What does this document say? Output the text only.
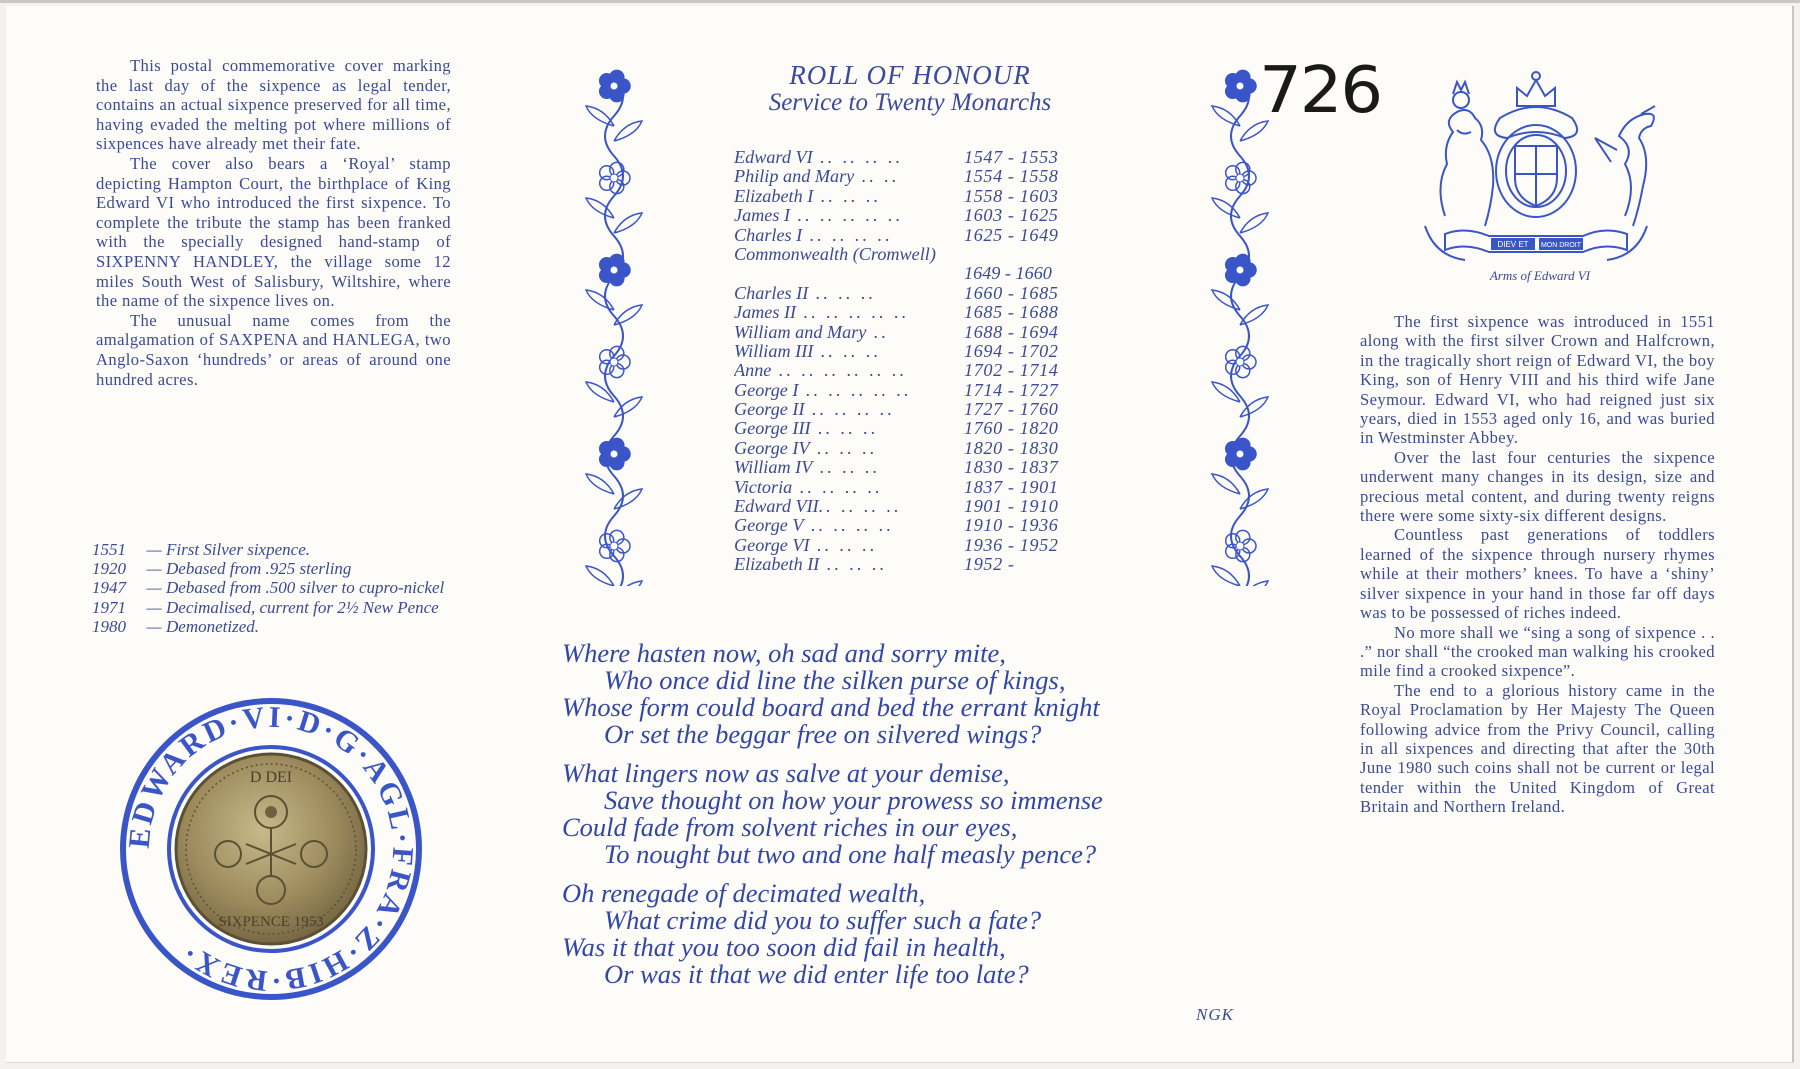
This postal commemorative cover marking the last day of the sixpence as legal tender, contains an actual sixpence preserved for all time, having evaded the melting pot where millions of sixpences have already met their fate.

The cover also bears a ‘Royal’ stamp depicting Hampton Court, the birthplace of King Edward VI who introduced the first sixpence. To complete the tribute the stamp has been franked with the specially designed hand-stamp of SIXPENNY HANDLEY, the village some 12 miles South West of Salisbury, Wiltshire, where the name of the sixpence lives on.

The unusual name comes from the amalgamation of SAXPENA and HANLEGA, two Anglo-Saxon ‘hundreds’ or areas of around one hundred acres.

1551	— First Silver sixpence.
1920	— Debased from .925 sterling
1947	— Debased from .500 silver to cupro-nickel
1971	— Decimalised, current for 2½ New Pence
1980	— Demonetized.
EDWARD·VI·D·G·AGL·FRA·Z·HIB·REX·
D DEI
SIXPENCE 1953
ROLL OF HONOUR
Service to Twenty Monarchs
Edward VI .. .. .. ..	1547 - 1553
Philip and Mary .. ..	1554 - 1558
Elizabeth I .. .. ..	1558 - 1603
James I .. .. .. .. ..	1603 - 1625
Charles I .. .. .. ..	1625 - 1649
Commonwealth (Cromwell)
1649 - 1660
Charles II .. .. ..	1660 - 1685
James II .. .. .. .. ..	1685 - 1688
William and Mary ..	1688 - 1694
William III .. .. ..	1694 - 1702
Anne .. .. .. .. .. ..	1702 - 1714
George I .. .. .. .. ..	1714 - 1727
George II .. .. .. ..	1727 - 1760
George III .. .. ..	1760 - 1820
George IV .. .. ..	1820 - 1830
William IV .. .. ..	1830 - 1837
Victoria .. .. .. ..	1837 - 1901
Edward VII.. .. .. ..	1901 - 1910
George V .. .. .. ..	1910 - 1936
George VI .. .. ..	1936 - 1952
Elizabeth II .. .. ..	1952 -
Where hasten now, oh sad and sorry mite,
Who once did line the silken purse of kings,
Whose form could board and bed the errant knight
Or set the beggar free on silvered wings?
What lingers now as salve at your demise,
Save thought on how your prowess so immense
Could fade from solvent riches in our eyes,
To nought but two and one half measly pence?
Oh renegade of decimated wealth,
What crime did you to suffer such a fate?
Was it that you too soon did fail in health,
Or was it that we did enter life too late?
NGK
726
DIEV ET MON DROIT
Arms of Edward VI

The first sixpence was introduced in 1551 along with the first silver Crown and Halfcrown, in the tragically short reign of Edward VI, the boy King, son of Henry VIII and his third wife Jane Seymour. Edward VI, who had reigned just six years, died in 1553 aged only 16, and was buried in Westminster Abbey.

Over the last four centuries the sixpence underwent many changes in its design, size and precious metal content, and during twenty reigns there were some sixty-six different designs.

Countless past generations of toddlers learned of the sixpence through nursery rhymes while at their mothers’ knees. To have a ‘shiny’ silver sixpence in your hand in those far off days was to be possessed of riches indeed.

No more shall we “sing a song of sixpence . . .” nor shall “the crooked man walking his crooked mile find a crooked sixpence”.

The end to a glorious history came in the Royal Proclamation by Her Majesty The Queen following advice from the Privy Council, calling in all sixpences and directing that after the 30th June 1980 such coins shall not be current or legal tender within the United Kingdom of Great Britain and Northern Ireland.
